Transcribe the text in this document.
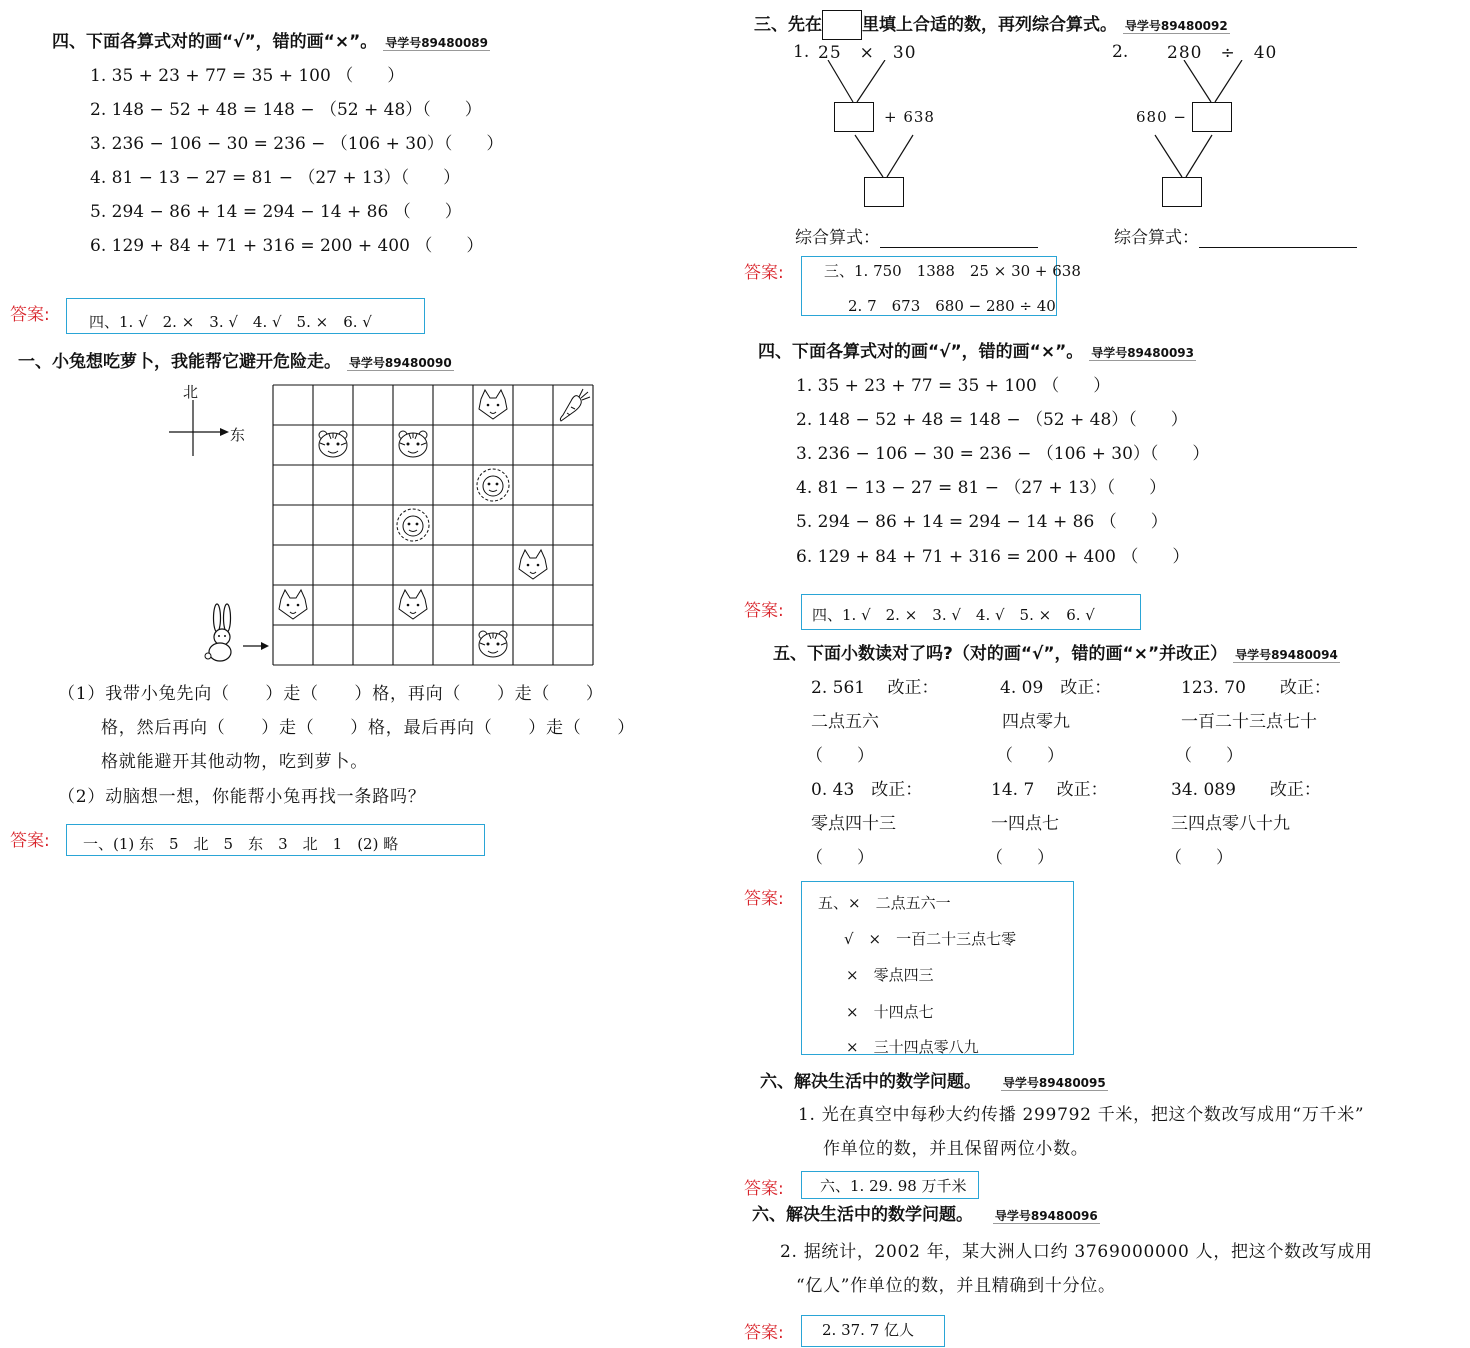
四、下面各算式对的画“√”，错的画“×”。 导学号89480089
1. 35 + 23 + 77 = 35 + 100 （　　）
2. 148 − 52 + 48 = 148 − （52 + 48）（　　）
3. 236 − 106 − 30 = 236 − （106 + 30）（　　）
4. 81 − 13 − 27 = 81 − （27 + 13）（　　）
5. 294 − 86 + 14 = 294 − 14 + 86 （　　）
6. 129 + 84 + 71 + 316 = 200 + 400 （　　）
答案:	四、1. √　2. ×　3. √　4. √　5. ×　6. √
一、小兔想吃萝卜，我能帮它避开危险走。 导学号89480090
北
东
（1）我带小兔先向（　　）走（　　）格，再向（　　）走（　　）
格，然后再向（　　）走（　　）格，最后再向（　　）走（　　）
格就能避开其他动物，吃到萝卜。
（2）动脑想一想，你能帮小兔再找一条路吗？
答案: 一、(1) 东　5　北　5　东　3　北　1　(2) 略
三、先在 里填上合适的数，再列综合算式。 导学号89480092
1. 25　×　30
+ 638
2. 280　÷　40
680 −
综合算式：	综合算式：
答案:	三、1. 750　1388　25 × 30 + 638
2. 7　673　680 − 280 ÷ 40
四、下面各算式对的画“√”，错的画“×”。 导学号89480093
1. 35 + 23 + 77 = 35 + 100 （　　）
2. 148 − 52 + 48 = 148 − （52 + 48）（　　）
3. 236 − 106 − 30 = 236 − （106 + 30）（　　）
4. 81 − 13 − 27 = 81 − （27 + 13）（　　）
5. 294 − 86 + 14 = 294 − 14 + 86 （　　）
6. 129 + 84 + 71 + 316 = 200 + 400 （　　）
答案: 四、1. √　2. ×　3. √　4. √　5. ×　6. √
五、下面小数读对了吗?（对的画“√”，错的画“×”并改正） 导学号89480094
2. 561　 改正：	4. 09　 改正：	123. 70　　 改正：
二点五六	四点零九	一百二十三点七十
（　　）	（　　）	（　　）
0. 43　 改正：	14. 7　 改正：	34. 089　　 改正：
零点四十三	一四点七	三四点零八十九
（　　）	（　　）	（　　）
答案: 五、×　二点五六一
√　×　一百二十三点七零
×　零点四三
×　十四点七
×　三十四点零八九
六、解决生活中的数学问题。 导学号89480095
1. 光在真空中每秒大约传播 299792 千米，把这个数改写成用“万千米”
作单位的数，并且保留两位小数。
答案: 六、1. 29. 98 万千米
六、解决生活中的数学问题。 导学号89480096
2. 据统计，2002 年，某大洲人口约 3769000000 人，把这个数改写成用
“亿人”作单位的数，并且精确到十分位。
答案:	2. 37. 7 亿人
